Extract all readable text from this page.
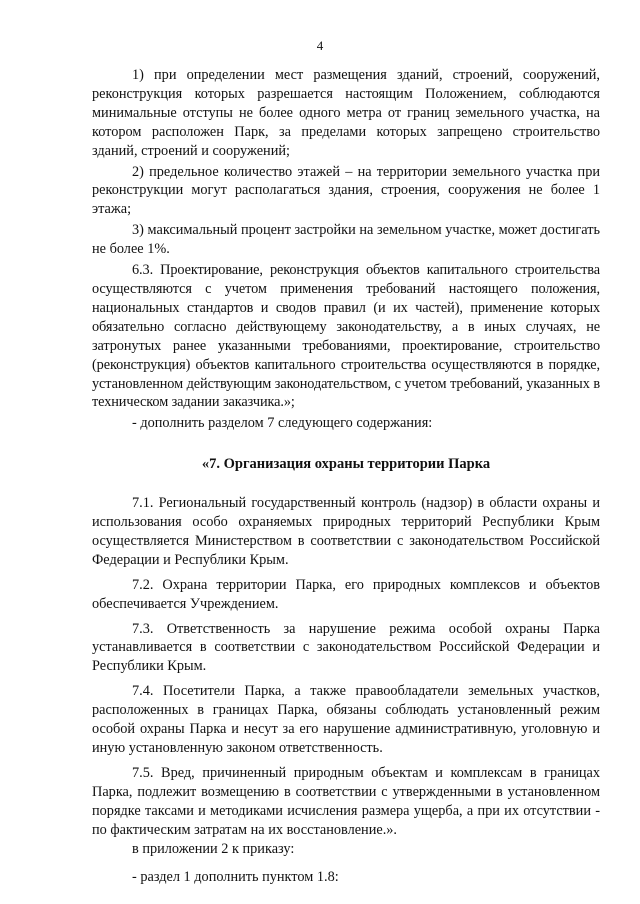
4

1) при определении мест размещения зданий, строений, сооружений, реконструкция которых разрешается настоящим Положением, соблюдаются минимальные отступы не более одного метра от границ земельного участка, на котором расположен Парк, за пределами которых запрещено строительство зданий, строений и сооружений;

2) предельное количество этажей – на территории земельного участка при реконструкции могут располагаться здания, строения, сооружения не более 1 этажа;

3) максимальный процент застройки на земельном участке, может достигать не более 1%.

6.3. Проектирование, реконструкция объектов капитального строительства осуществляются с учетом применения требований настоящего положения, национальных стандартов и сводов правил (и их частей), применение которых обязательно согласно действующему законодательству, а в иных случаях, не затронутых ранее указанными требованиями, проектирование, строительство (реконструкция) объектов капитального строительства осуществляются в порядке, установленном действующим законодательством, с учетом требований, указанных в техническом задании заказчика.»;

- дополнить разделом 7 следующего содержания:

«7. Организация охраны территории Парка

7.1. Региональный государственный контроль (надзор) в области охраны и использования особо охраняемых природных территорий Республики Крым осуществляется Министерством в соответствии с законодательством Российской Федерации и Республики Крым.

7.2. Охрана территории Парка, его природных комплексов и объектов обеспечивается Учреждением.

7.3. Ответственность за нарушение режима особой охраны Парка устанавливается в соответствии с законодательством Российской Федерации и Республики Крым.

7.4. Посетители Парка, а также правообладатели земельных участков, расположенных в границах Парка, обязаны соблюдать установленный режим особой охраны Парка и несут за его нарушение административную, уголовную и иную установленную законом ответственность.

7.5. Вред, причиненный природным объектам и комплексам в границах Парка, подлежит возмещению в соответствии с утвержденными в установленном порядке таксами и методиками исчисления размера ущерба, а при их отсутствии - по фактическим затратам на их восстановление.».

в приложении 2 к приказу:

- раздел 1 дополнить пунктом 1.8:
